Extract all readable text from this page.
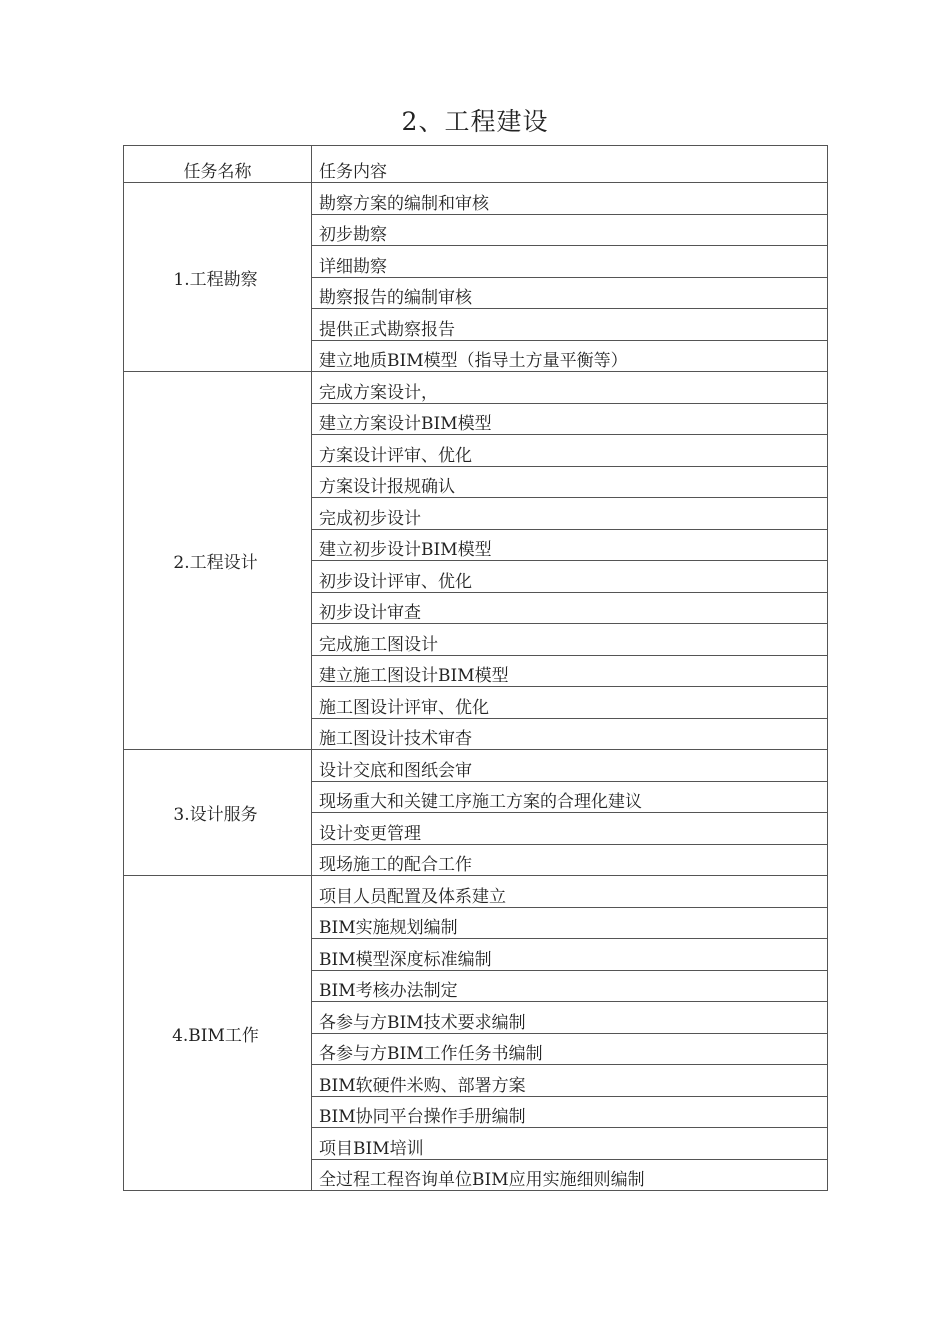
2、工程建设
任务名称	任务内容
1.工程勘察	勘察方案的编制和审核
	初步勘察
	详细勘察
	勘察报告的编制审核
	提供正式勘察报告
	建立地质BIM模型（指导土方量平衡等）
2.工程设计	完成方案设计，
	建立方案设计BIM模型
	方案设计评审、优化
	方案设计报规确认
	完成初步设计
	建立初步设计BIM模型
	初步设计评审、优化
	初步设计审查
	完成施工图设计
	建立施工图设计BIM模型
	施工图设计评审、优化
	施工图设计技术审杳
3.设计服务	设计交底和图纸会审
	现场重大和关键工序施工方案的合理化建议
	设计变更管理
	现场施工的配合工作
4.BIM工作	项目人员配置及体系建立
	BIM实施规划编制
	BIM模型深度标准编制
	BIM考核办法制定
	各参与方BIM技术要求编制
	各参与方BIM工作任务书编制
	BIM软硬件米购、部署方案
	BIM协同平台操作手册编制
	项目BIM培训
	全过程工程咨询单位BIM应用实施细则编制
